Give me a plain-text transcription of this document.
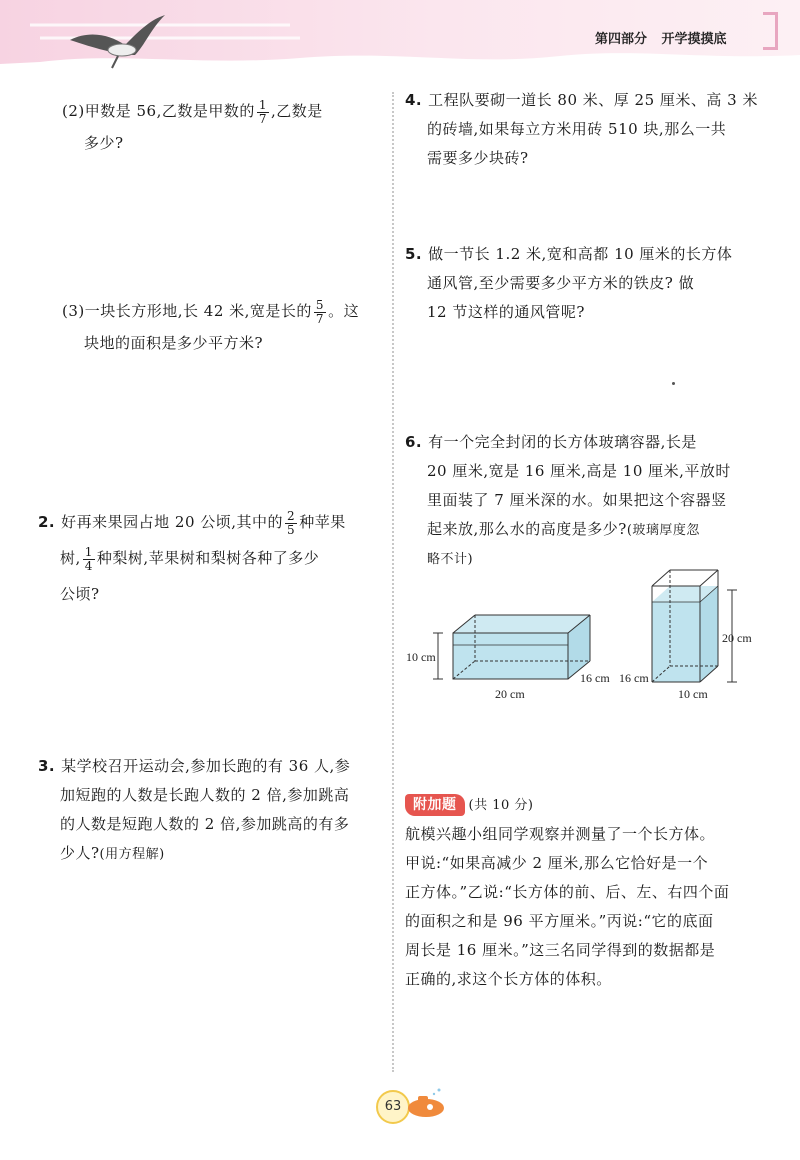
第四部分 开学摸摸底
(2)甲数是 56,乙数是甲数的 $\frac{1}{7}$ ,乙数是
多少?
(3)一块长方形地,长 42 米,宽是长的 $\frac{5}{7}$ 。这
块地的面积是多少平方米?
2. 好再来果园占地 20 公顷,其中的 $\frac{2}{5}$ 种苹果
树, $\frac{1}{4}$ 种梨树,苹果树和梨树各种了多少
公顷?
3. 某学校召开运动会,参加长跑的有 36 人,参
加短跑的人数是长跑人数的 2 倍,参加跳高
的人数是短跑人数的 2 倍,参加跳高的有多
少人?(用方程解)
4. 工程队要砌一道长 80 米、厚 25 厘米、高 3 米
的砖墙,如果每立方米用砖 510 块,那么一共
需要多少块砖?
5. 做一节长 1.2 米,宽和高都 10 厘米的长方体
通风管,至少需要多少平方米的铁皮? 做
12 节这样的通风管呢?
6. 有一个完全封闭的长方体玻璃容器,长是
20 厘米,宽是 16 厘米,高是 10 厘米,平放时
里面装了 7 厘米深的水。如果把这个容器竖
起来放,那么水的高度是多少?(玻璃厚度忽
略不计)
10 cm
20 cm
16 cm
20 cm
10 cm
16 cm
附加题 (共 10 分)
航模兴趣小组同学观察并测量了一个长方体。
甲说:“如果高减少 2 厘米,那么它恰好是一个
正方体。”乙说:“长方体的前、后、左、右四个面
的面积之和是 96 平方厘米。”丙说:“它的底面
周长是 16 厘米。”这三名同学得到的数据都是
正确的,求这个长方体的体积。
63
